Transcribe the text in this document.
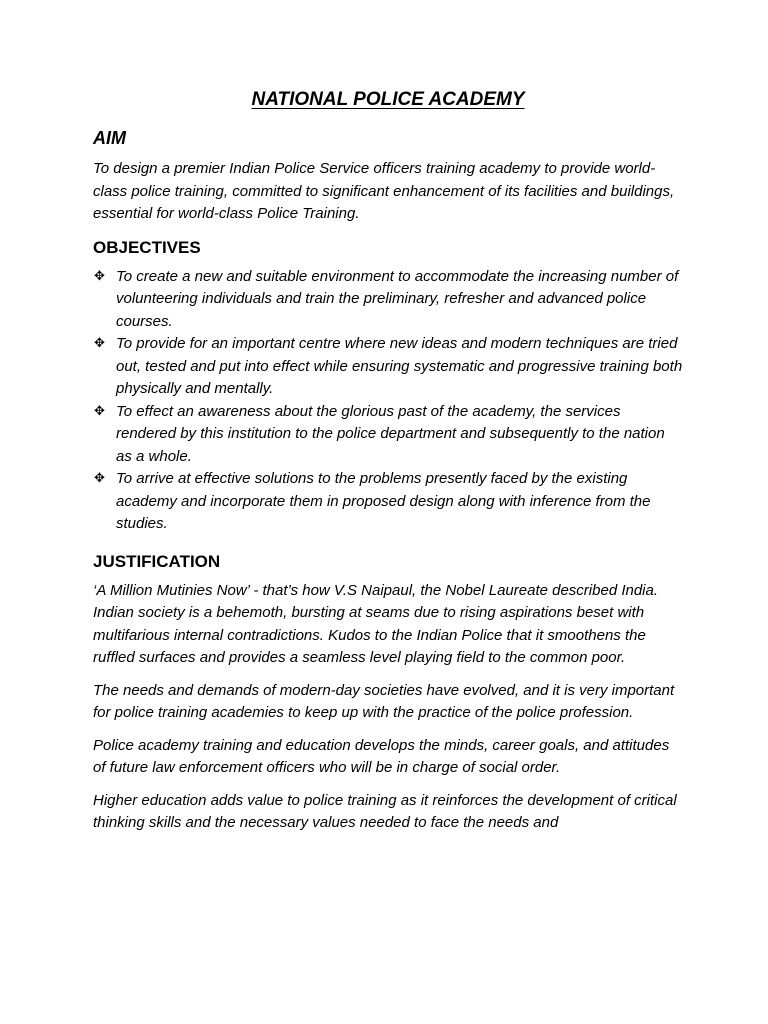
NATIONAL POLICE ACADEMY
AIM

To design a premier Indian Police Service officers training academy to provide world-class police training, committed to significant enhancement of its facilities and buildings, essential for world-class Police Training.

OBJECTIVES
✥ To create a new and suitable environment to accommodate the increasing number of volunteering individuals and train the preliminary, refresher and advanced police courses.
✥ To provide for an important centre where new ideas and modern techniques are tried out, tested and put into effect while ensuring systematic and progressive training both physically and mentally.
✥ To effect an awareness about the glorious past of the academy, the services rendered by this institution to the police department and subsequently to the nation as a whole.
✥ To arrive at effective solutions to the problems presently faced by the existing academy and incorporate them in proposed design along with inference from the studies.
JUSTIFICATION

‘A Million Mutinies Now’ - that’s how V.S Naipaul, the Nobel Laureate described India. Indian society is a behemoth, bursting at seams due to rising aspirations beset with multifarious internal contradictions. Kudos to the Indian Police that it smoothens the ruffled surfaces and provides a seamless level playing field to the common poor.

The needs and demands of modern-day societies have evolved, and it is very important for police training academies to keep up with the practice of the police profession.

Police academy training and education develops the minds, career goals, and attitudes of future law enforcement officers who will be in charge of social order.

Higher education adds value to police training as it reinforces the development of critical thinking skills and the necessary values needed to face the needs and
